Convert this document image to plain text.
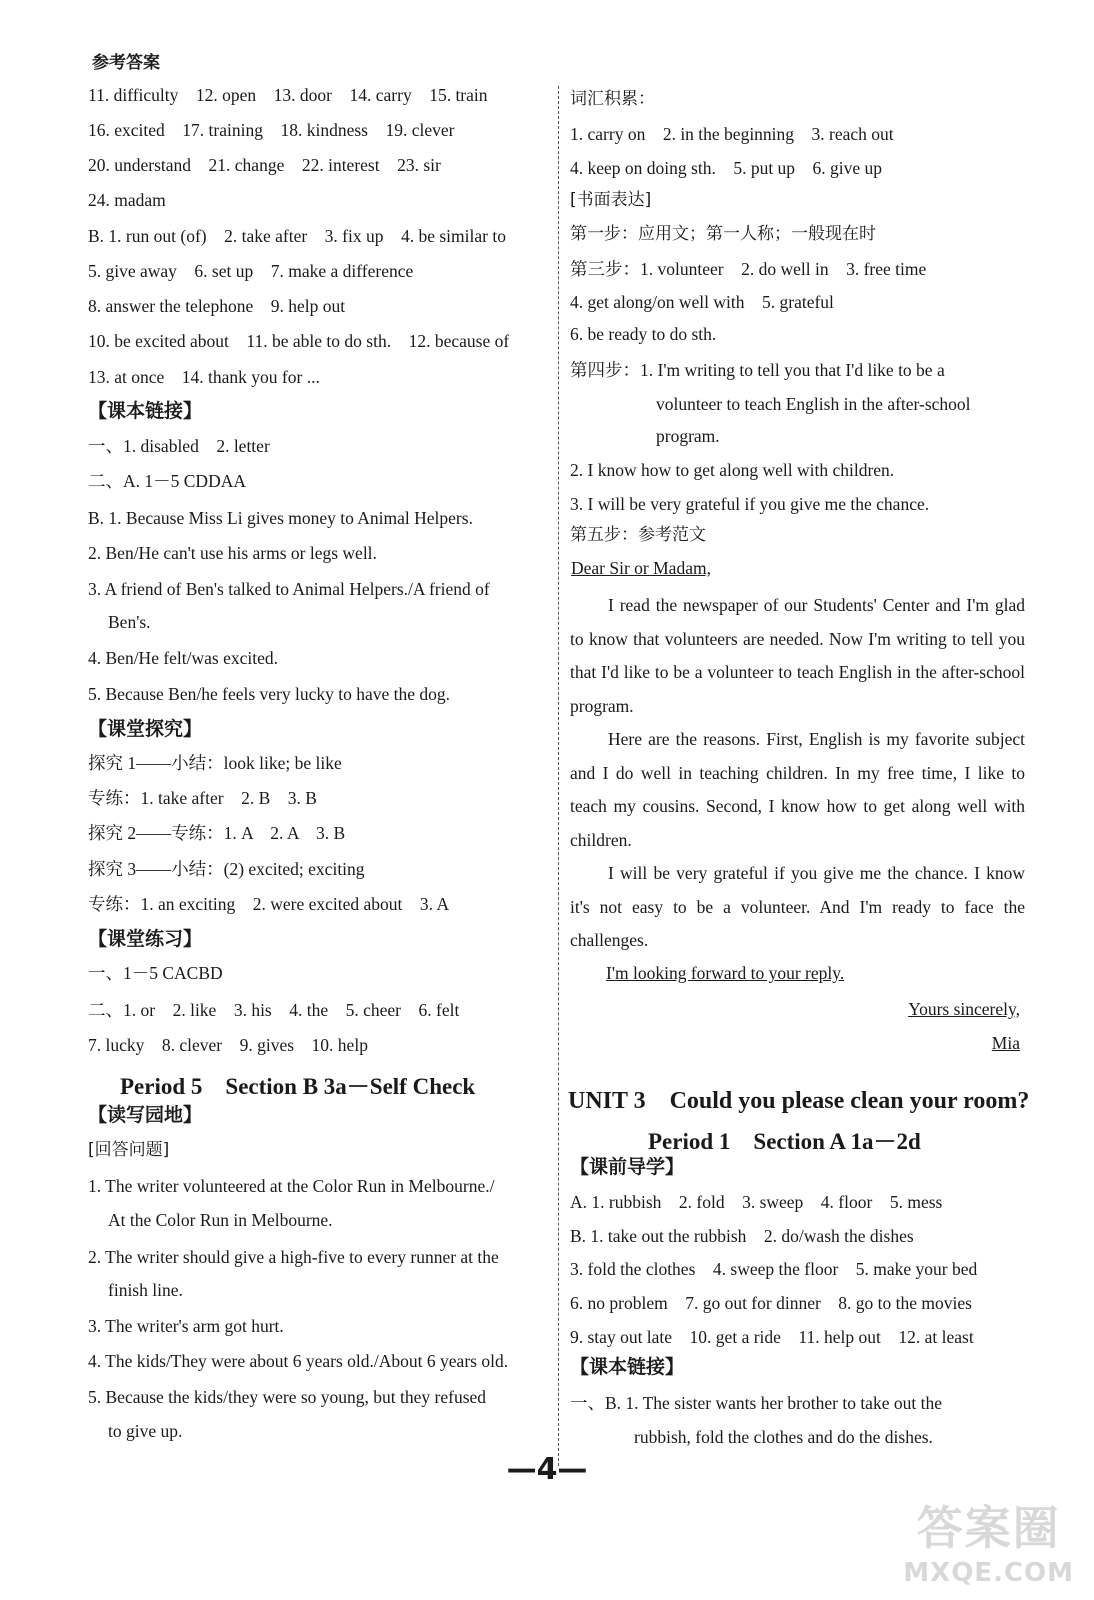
参考答案
11. difficulty　12. open　13. door　14. carry　15. train
16. excited　17. training　18. kindness　19. clever
20. understand　21. change　22. interest　23. sir
24. madam
B. 1. run out (of)　2. take after　3. fix up　4. be similar to
5. give away　6. set up　7. make a difference
8. answer the telephone　9. help out
10. be excited about　11. be able to do sth.　12. because of
13. at once　14. thank you for ...
【课本链接】
一、1. disabled　2. letter
二、A. 1－5 CDDAA
B. 1. Because Miss Li gives money to Animal Helpers.
2. Ben/He can't use his arms or legs well.
3. A friend of Ben's talked to Animal Helpers./A friend of
Ben's.
4. Ben/He felt/was excited.
5. Because Ben/he feels very lucky to have the dog.
【课堂探究】
探究 1——小结：look like; be like
专练：1. take after　2. B　3. B
探究 2——专练：1. A　2. A　3. B
探究 3——小结：(2) excited; exciting
专练：1. an exciting　2. were excited about　3. A
【课堂练习】
一、1－5 CACBD
二、1. or　2. like　3. his　4. the　5. cheer　6. felt
7. lucky　8. clever　9. gives　10. help
【读写园地】
[回答问题]
1. The writer volunteered at the Color Run in Melbourne./
At the Color Run in Melbourne.
2. The writer should give a high-five to every runner at the
finish line.
3. The writer's arm got hurt.
4. The kids/They were about 6 years old./About 6 years old.
5. Because the kids/they were so young, but they refused
to give up.
Period 5　Section B 3a－Self Check
词汇积累：
1. carry on　2. in the beginning　3. reach out
4. keep on doing sth.　5. put up　6. give up
[书面表达]
第一步：应用文；第一人称；一般现在时
第三步：1. volunteer　2. do well in　3. free time
4. get along/on well with　5. grateful
6. be ready to do sth.
第四步：1. I'm writing to tell you that I'd like to be a
volunteer to teach English in the after-school
program.
2. I know how to get along well with children.
3. I will be very grateful if you give me the chance.
第五步：参考范文
Dear Sir or Madam,

I read the newspaper of our Students' Center and I'm glad to know that volunteers are needed. Now I'm writing to tell you that I'd like to be a volunteer to teach English in the after-school program.

Here are the reasons. First, English is my favorite subject and I do well in teaching children. In my free time, I like to teach my cousins. Second, I know how to get along well with children.

I will be very grateful if you give me the chance. I know it's not easy to be a volunteer. And I'm ready to face the challenges.

I'm looking forward to your reply.
Yours sincerely,
Mia
UNIT 3　Could you please clean your room?
Period 1　Section A 1a－2d
【课前导学】
A. 1. rubbish　2. fold　3. sweep　4. floor　5. mess
B. 1. take out the rubbish　2. do/wash the dishes
3. fold the clothes　4. sweep the floor　5. make your bed
6. no problem　7. go out for dinner　8. go to the movies
9. stay out late　10. get a ride　11. help out　12. at least
【课本链接】
一、B. 1. The sister wants her brother to take out the
rubbish, fold the clothes and do the dishes.
—4—
答案圈
MXQE.COM
